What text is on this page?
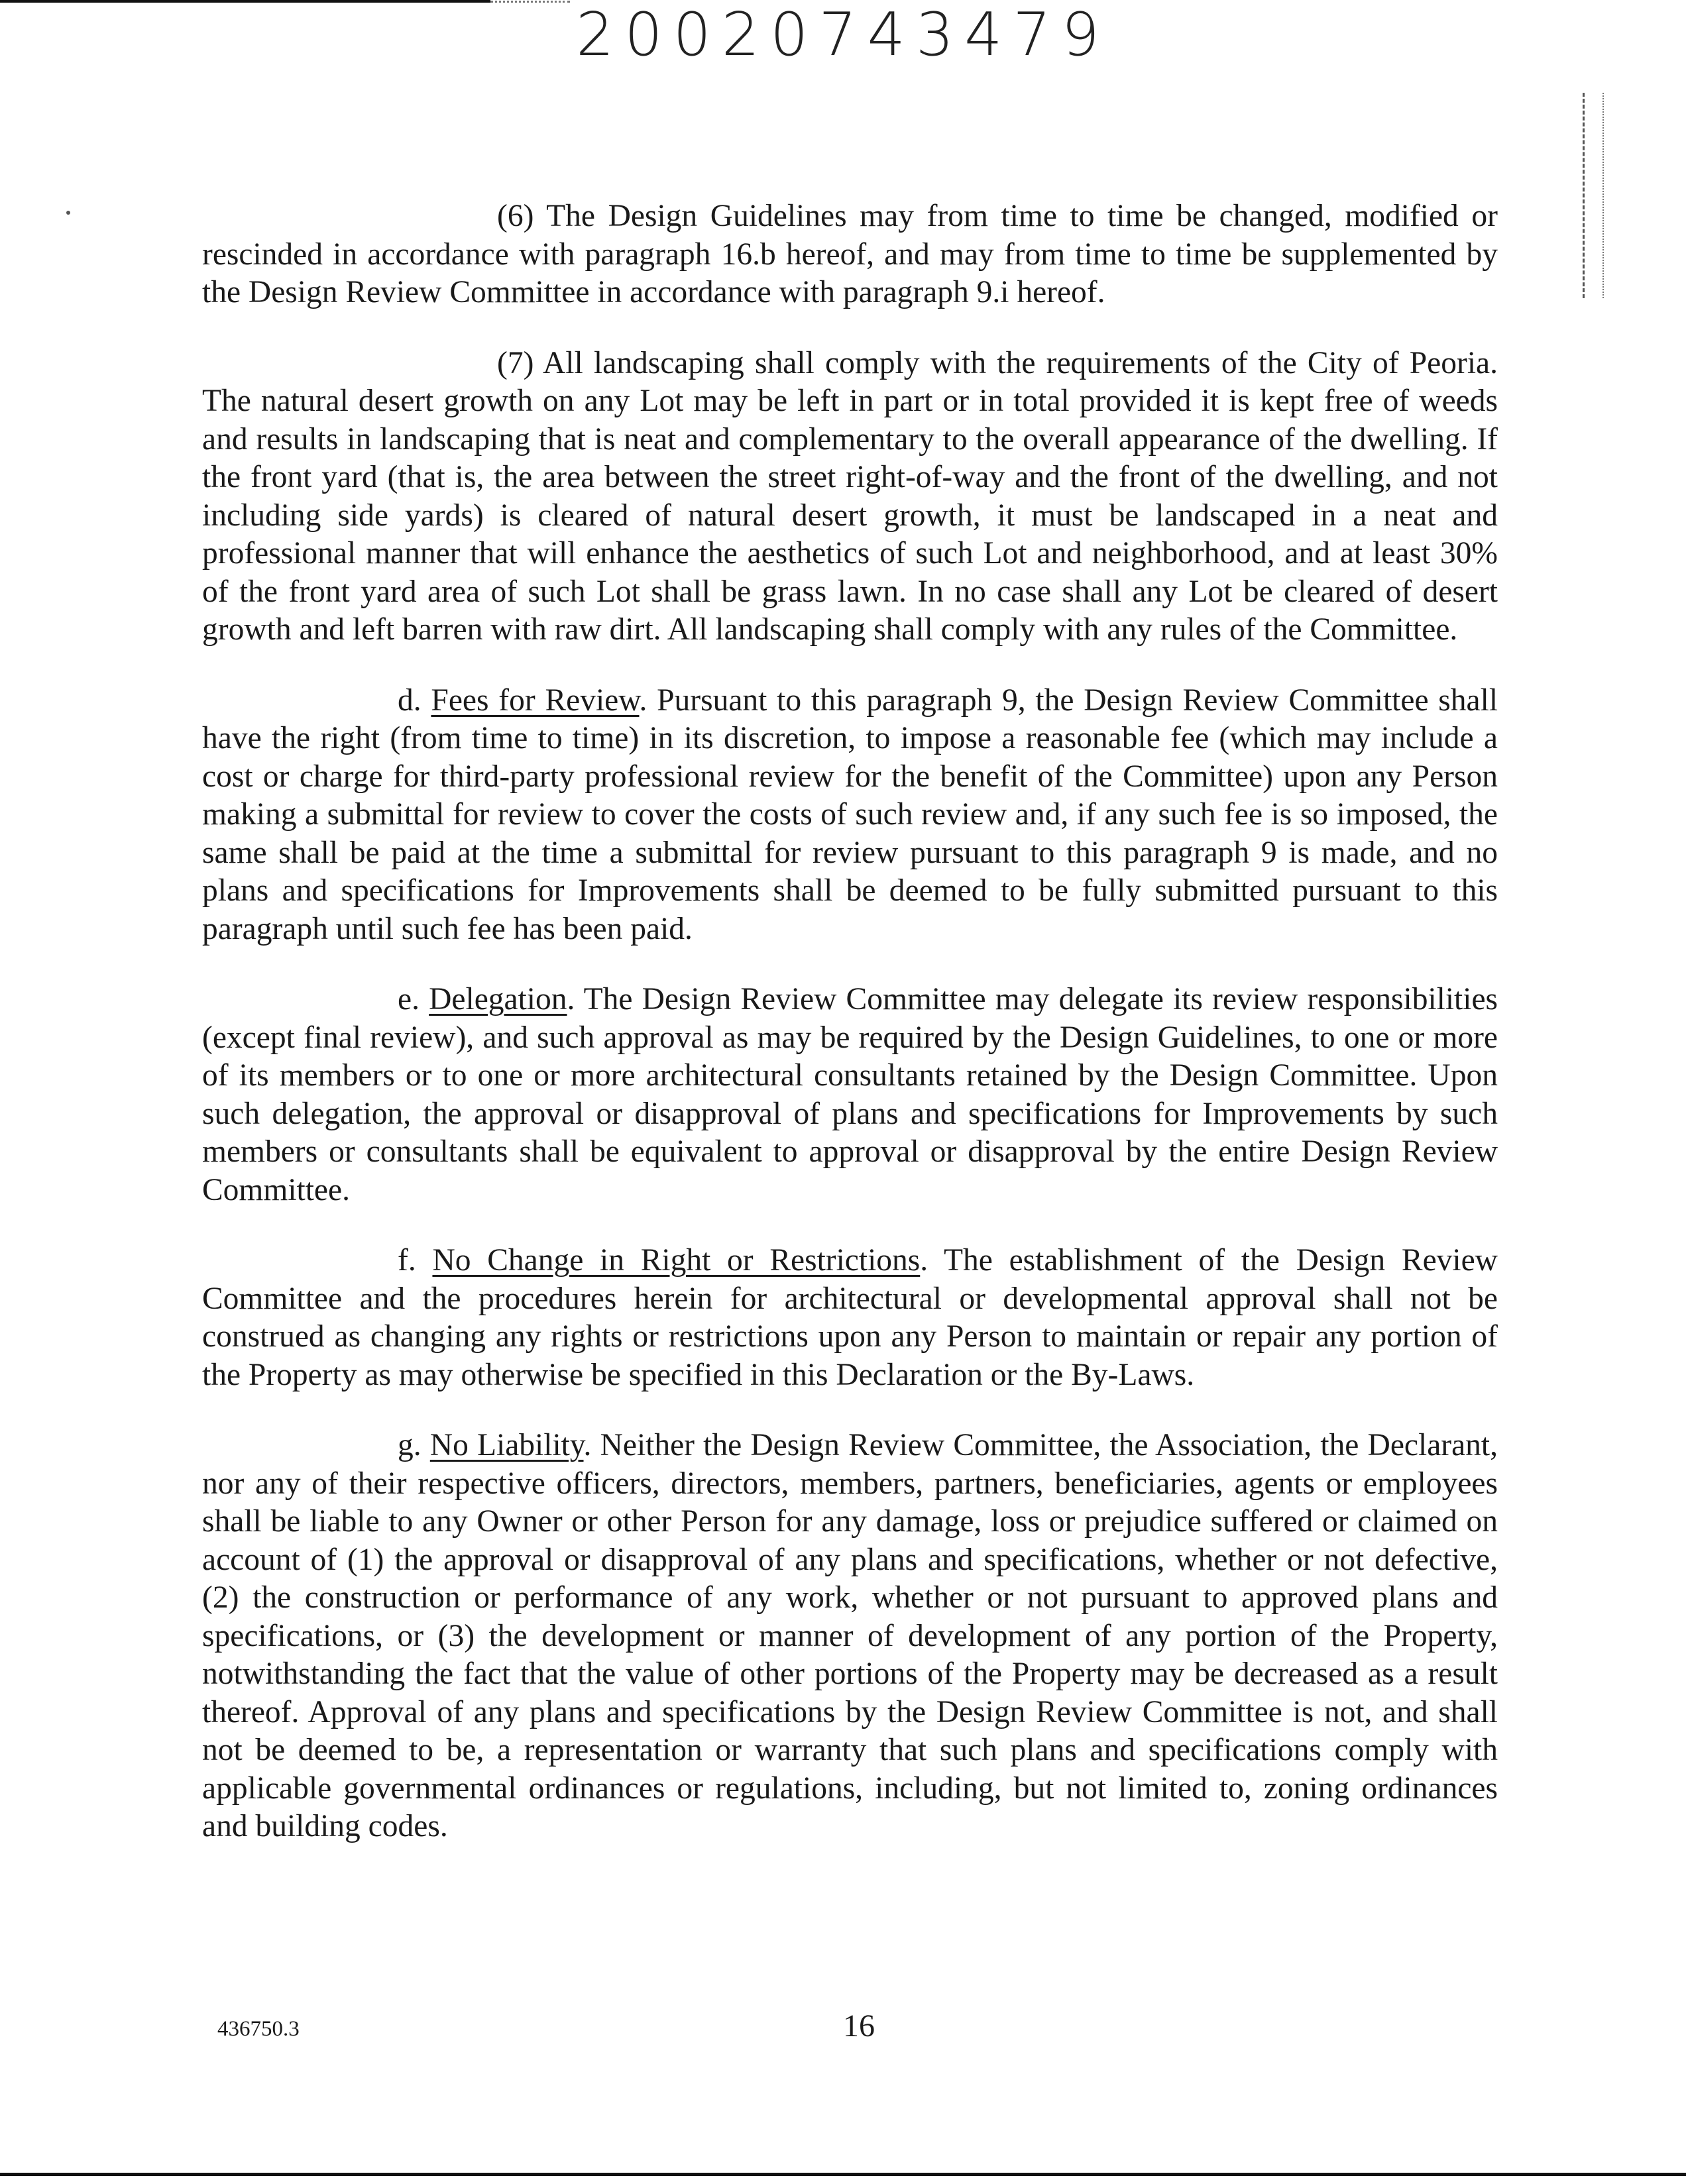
20020743479

(6) The Design Guidelines may from time to time be changed, modified or rescinded in accordance with paragraph 16.b hereof, and may from time to time be supplemented by the Design Review Committee in accordance with paragraph 9.i hereof.

(7) All landscaping shall comply with the requirements of the City of Peoria. The natural desert growth on any Lot may be left in part or in total provided it is kept free of weeds and results in landscaping that is neat and complementary to the overall appearance of the dwelling. If the front yard (that is, the area between the street right-of-way and the front of the dwelling, and not including side yards) is cleared of natural desert growth, it must be landscaped in a neat and professional manner that will enhance the aesthetics of such Lot and neighborhood, and at least 30% of the front yard area of such Lot shall be grass lawn. In no case shall any Lot be cleared of desert growth and left barren with raw dirt. All landscaping shall comply with any rules of the Committee.

d. Fees for Review. Pursuant to this paragraph 9, the Design Review Committee shall have the right (from time to time) in its discretion, to impose a reasonable fee (which may include a cost or charge for third-party professional review for the benefit of the Committee) upon any Person making a submittal for review to cover the costs of such review and, if any such fee is so imposed, the same shall be paid at the time a submittal for review pursuant to this paragraph 9 is made, and no plans and specifications for Improvements shall be deemed to be fully submitted pursuant to this paragraph until such fee has been paid.

e. Delegation. The Design Review Committee may delegate its review responsibilities (except final review), and such approval as may be required by the Design Guidelines, to one or more of its members or to one or more architectural consultants retained by the Design Committee. Upon such delegation, the approval or disapproval of plans and specifications for Improvements by such members or consultants shall be equivalent to approval or disapproval by the entire Design Review Committee.

f. No Change in Right or Restrictions. The establishment of the Design Review Committee and the procedures herein for architectural or developmental approval shall not be construed as changing any rights or restrictions upon any Person to maintain or repair any portion of the Property as may otherwise be specified in this Declaration or the By-Laws.

g. No Liability. Neither the Design Review Committee, the Association, the Declarant, nor any of their respective officers, directors, members, partners, beneficiaries, agents or employees shall be liable to any Owner or other Person for any damage, loss or prejudice suffered or claimed on account of (1) the approval or disapproval of any plans and specifications, whether or not defective, (2) the construction or performance of any work, whether or not pursuant to approved plans and specifications, or (3) the development or manner of development of any portion of the Property, notwithstanding the fact that the value of other portions of the Property may be decreased as a result thereof. Approval of any plans and specifications by the Design Review Committee is not, and shall not be deemed to be, a representation or warranty that such plans and specifications comply with applicable governmental ordinances or regulations, including, but not limited to, zoning ordinances and building codes.

436750.3	16
